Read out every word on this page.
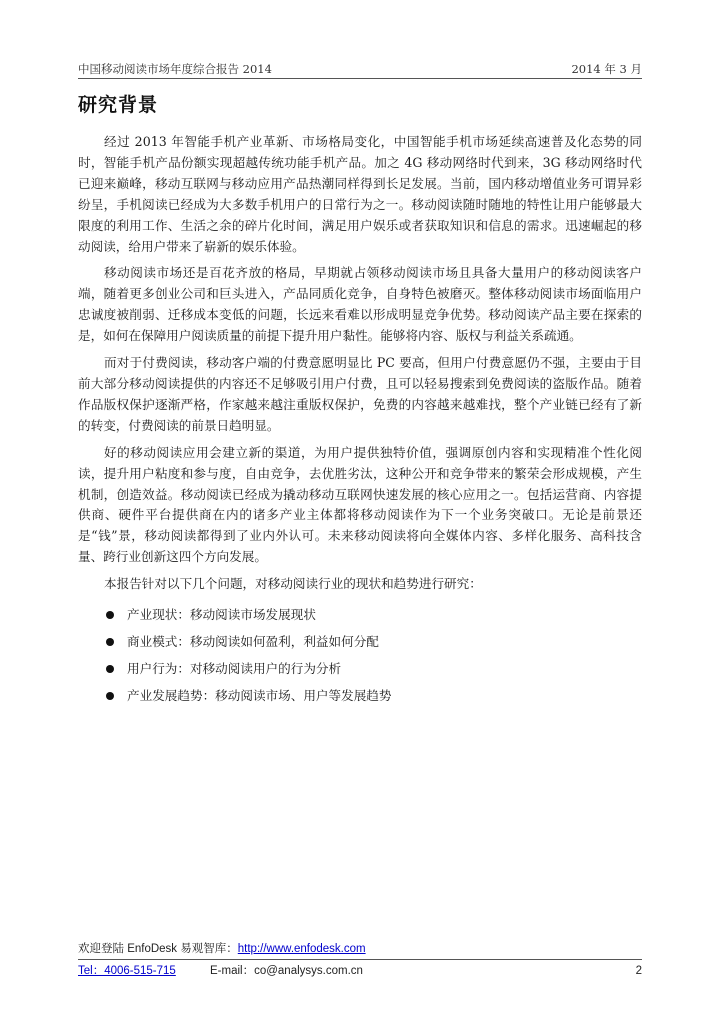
中国移动阅读市场年度综合报告 2014	2014 年 3 月
研究背景

经过 2013 年智能手机产业革新、市场格局变化，中国智能手机市场延续高速普及化态势的同时，智能手机产品份额实现超越传统功能手机产品。加之 4G 移动网络时代到来，3G 移动网络时代已迎来巅峰，移动互联网与移动应用产品热潮同样得到长足发展。当前，国内移动增值业务可谓异彩纷呈，手机阅读已经成为大多数手机用户的日常行为之一。移动阅读随时随地的特性让用户能够最大限度的利用工作、生活之余的碎片化时间，满足用户娱乐或者获取知识和信息的需求。迅速崛起的移动阅读，给用户带来了崭新的娱乐体验。

移动阅读市场还是百花齐放的格局，早期就占领移动阅读市场且具备大量用户的移动阅读客户端，随着更多创业公司和巨头进入，产品同质化竞争，自身特色被磨灭。整体移动阅读市场面临用户忠诚度被削弱、迁移成本变低的问题，长远来看难以形成明显竞争优势。移动阅读产品主要在探索的是，如何在保障用户阅读质量的前提下提升用户黏性。能够将内容、版权与利益关系疏通。

而对于付费阅读，移动客户端的付费意愿明显比 PC 要高，但用户付费意愿仍不强，主要由于目前大部分移动阅读提供的内容还不足够吸引用户付费，且可以轻易搜索到免费阅读的盗版作品。随着作品版权保护逐渐严格，作家越来越注重版权保护，免费的内容越来越难找，整个产业链已经有了新的转变，付费阅读的前景日趋明显。

好的移动阅读应用会建立新的渠道，为用户提供独特价值，强调原创内容和实现精准个性化阅读，提升用户粘度和参与度，自由竞争，去优胜劣汰，这种公开和竞争带来的繁荣会形成规模，产生机制，创造效益。移动阅读已经成为撬动移动互联网快速发展的核心应用之一。包括运营商、内容提供商、硬件平台提供商在内的诸多产业主体都将移动阅读作为下一个业务突破口。无论是前景还是“钱”景，移动阅读都得到了业内外认可。未来移动阅读将向全媒体内容、多样化服务、高科技含量、跨行业创新这四个方向发展。

本报告针对以下几个问题，对移动阅读行业的现状和趋势进行研究：

产业现状：移动阅读市场发展现状
商业模式：移动阅读如何盈利，利益如何分配
用户行为：对移动阅读用户的行为分析
产业发展趋势：移动阅读市场、用户等发展趋势
欢迎登陆 EnfoDesk 易观智库：http://www.enfodesk.com
Tel：4006-515-715	E-mail：co@analysys.com.cn	2
